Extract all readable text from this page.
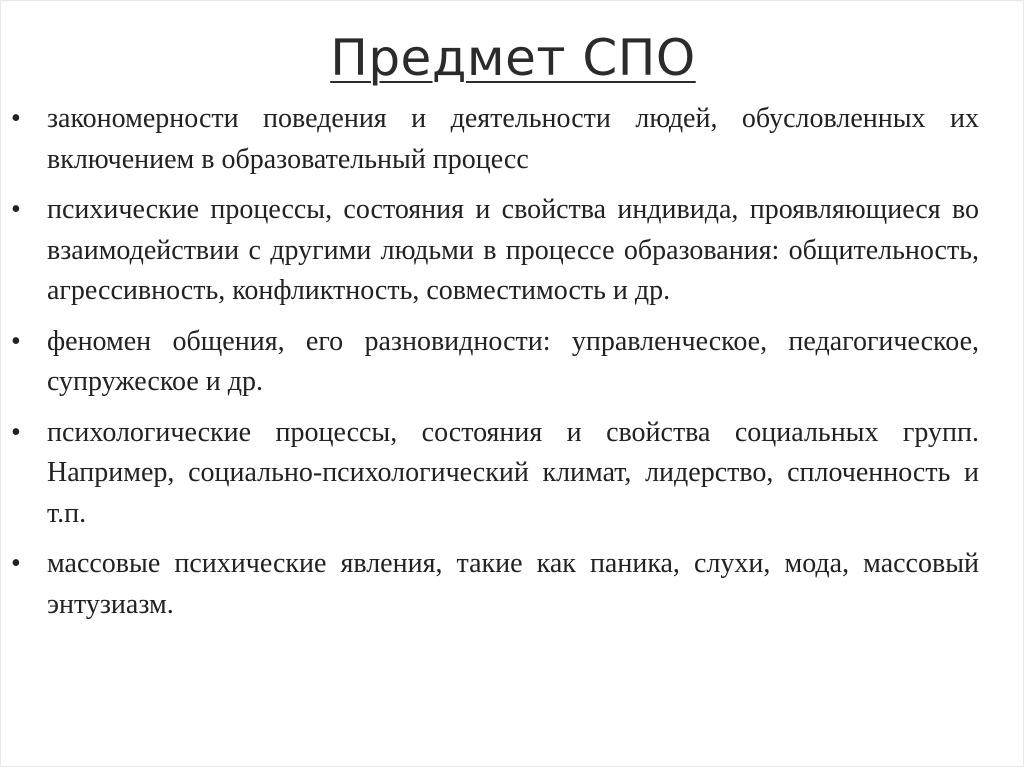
Предмет СПО
• закономерности поведения и деятельности людей, обусловленных их включением в образовательный процесс
• психические процессы, состояния и свойства индивида, проявляющиеся во взаимодействии с другими людьми в процессе образования: общительность, агрессивность, конфликтность, совместимость и др.
• феномен общения, его разновидности: управленческое, педагогическое, супружеское и др.
• психологические процессы, состояния и свойства социальных групп. Например, социально-психологический климат, лидерство, сплоченность и т.п.
• массовые психические явления, такие как паника, слухи, мода, массовый энтузиазм.
